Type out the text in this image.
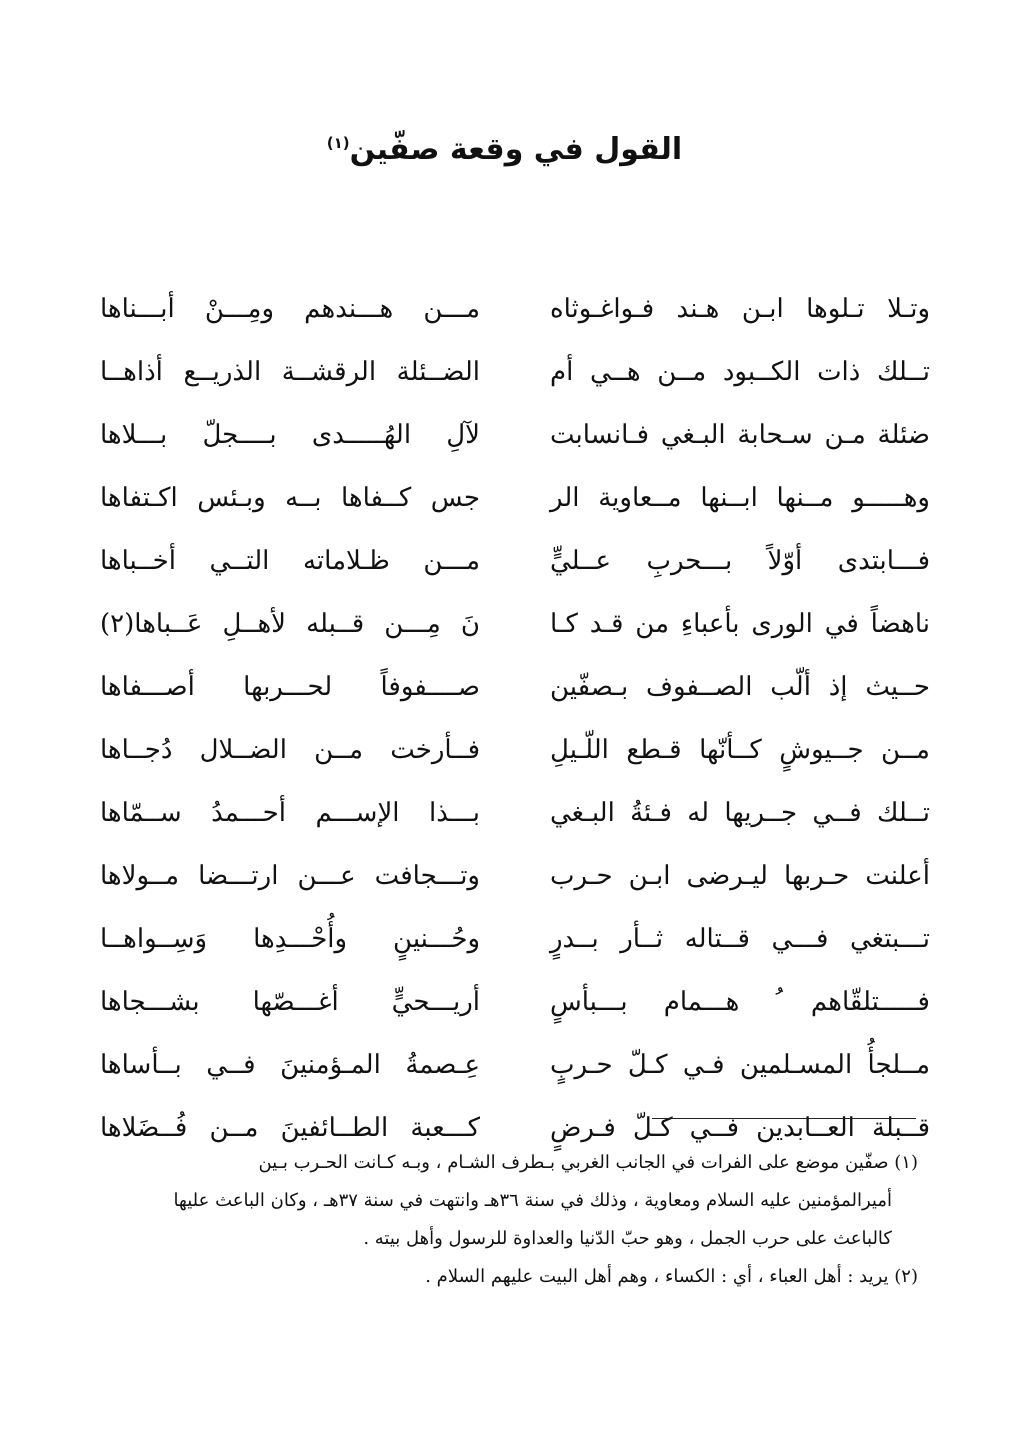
القول في وقعة صفّين$^{(١)}$
وتـلا تـلوها ابـن هـند فـواغـوثاه
مـــن هـــندهم ومِـــنْ أبـــناها
تــلك ذات الكــبود مــن هــي أم
الضــئلة الرقشــة الذريــع أذاهــا
ضئلة مـن سـحابة البـغي فـانسابت
لآلِ الهُـــــدى بــــجلّ بـــلاها
وهـــــو مــنها ابــنها مــعاوية الر
جس كــفاها بــه وبـئس اكـتفاها
فـــابتدى أوّلاً بـــحربِ عــليٍّ
مـــن ظـلاماته التــي أخــباها
ناهضاً في الورى بأعباءِ من قـد كـا
نَ مِـــن قــبله لأهــلِ عَــباها(٢)
حــيث إذ ألّب الصــفوف بـصفّين
صــــفوفاً لحـــربها أصـــفاها
مــن جــيوشٍ كــأنّها قـطع اللّـيلِ
فــأرخت مــن الضــلال دُجــاها
تــلك فــي جــريها له فـئةُ البـغي
بـــذا الإســـم أحـــمدُ ســمّاها
أعلنت حـربها ليـرضى ابـن حـرب
وتـــجافت عـــن ارتـــضا مــولاها
تـــبتغي فـــي قــتاله ثــأر بــدرٍ
وحُـــنينٍ وأُحْـــدِها وَسِــواهــا
فـــــتلقّاهم ُ هـــمام بـــبأسٍ
أريـــحيٍّ أغـــصّها بشـــجاها
مــلجأُ المسـلمين فـي كـلّ حـربٍ
عِـصمةُ المـؤمنينَ فــي بــأساها
قــبلة العــابدين فــي كـلّ فـرضٍ
كـــعبة الطــائفينَ مــن فُــضَلاها

(١) صفّين موضع على الفرات في الجانب الغربي بـطرف الشـام ، وبـه كـانت الحـرب بـين
أميرالمؤمنين عليه السلام ومعاوية ، وذلك في سنة ٣٦هـ وانتهت في سنة ٣٧هـ ، وكان الباعث عليها
كالباعث على حرب الجمل ، وهو حبّ الدّنيا والعداوة للرسول وأهل بيته .

(٢) يريد : أهل العباء ، أي : الكساء ، وهم أهل البيت عليهم السلام .
